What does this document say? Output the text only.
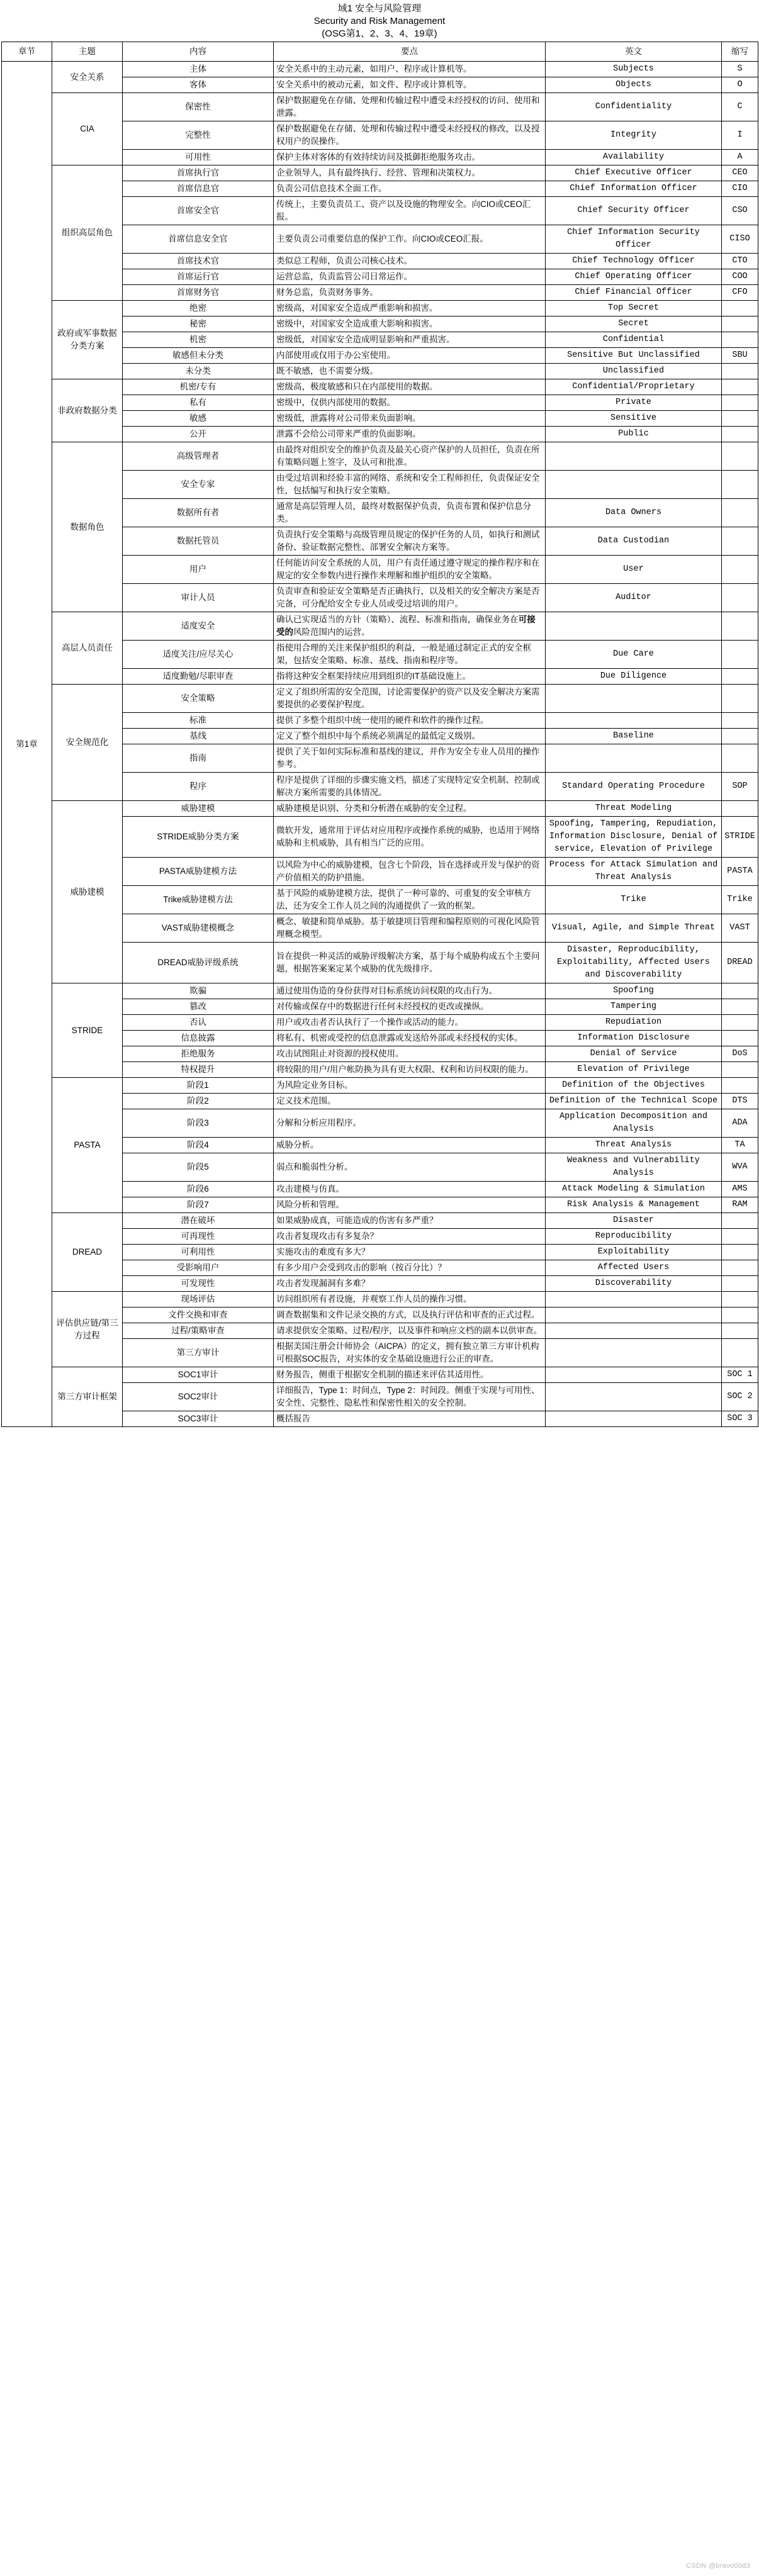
域1 安全与风险管理
Security and Risk Management
(OSG第1、2、3、4、19章)
章节	主题	内容	要点	英文	缩写
第1章	安全关系	主体	安全关系中的主动元素，如用户、程序或计算机等。	Subjects	S
		客体	安全关系中的被动元素，如文件、程序或计算机等。	Objects	O
	CIA	保密性	保护数据避免在存储、处理和传输过程中遭受未经授权的访问、使用和泄露。	Confidentiality	C
		完整性	保护数据避免在存储、处理和传输过程中遭受未经授权的修改，以及授权用户的误操作。	Integrity	I
		可用性	保护主体对客体的有效持续访问及抵御拒绝服务攻击。	Availability	A
	组织高层角色	首席执行官	企业领导人，具有最终执行、经营、管理和决策权力。	Chief Executive Officer	CEO
		首席信息官	负责公司信息技术全面工作。	Chief Information Officer	CIO
		首席安全官	传统上，主要负责员工、资产以及设施的物理安全。向CIO或CEO汇报。	Chief Security Officer	CSO
		首席信息安全官	主要负责公司重要信息的保护工作。向CIO或CEO汇报。	Chief Information Security Officer	CISO
		首席技术官	类似总工程师，负责公司核心技术。	Chief Technology Officer	CTO
		首席运行官	运营总监，负责监管公司日常运作。	Chief Operating Officer	COO
		首席财务官	财务总监，负责财务事务。	Chief Financial Officer	CFO
	政府或军事数据分类方案	绝密	密级高，对国家安全造成严重影响和损害。	Top Secret	
		秘密	密级中，对国家安全造成重大影响和损害。	Secret	
		机密	密级低，对国家安全造成明显影响和严重损害。	Confidential	
		敏感但未分类	内部使用或仅用于办公室使用。	Sensitive But Unclassified	SBU
		未分类	既不敏感，也不需要分级。	Unclassified	
	非政府数据分类	机密/专有	密级高，极度敏感和只在内部使用的数据。	Confidential/Proprietary	
		私有	密级中，仅供内部使用的数据。	Private	
		敏感	密级低，泄露将对公司带来负面影响。	Sensitive	
		公开	泄露不会给公司带来严重的负面影响。	Public	
	数据角色	高级管理者	由最终对组织安全的维护负责及最关心资产保护的人员担任，负责在所有策略问题上签字，及认可和批准。		
		安全专家	由受过培训和经验丰富的网络、系统和安全工程师担任，负责保证安全性，包括编写和执行安全策略。		
		数据所有者	通常是高层管理人员，最终对数据保护负责，负责布置和保护信息分类。	Data Owners	
		数据托管员	负责执行安全策略与高级管理员规定的保护任务的人员，如执行和测试备份、验证数据完整性、部署安全解决方案等。	Data Custodian	
		用户	任何能访问安全系统的人员，用户有责任通过遵守规定的操作程序和在规定的安全参数内进行操作来理解和维护组织的安全策略。	User	
		审计人员	负责审查和验证安全策略是否正确执行，以及相关的安全解决方案是否完备，可分配给安全专业人员或受过培训的用户。	Auditor	
	高层人员责任	适度安全	确认已实现适当的方针（策略）、流程、标准和指南，确保业务在可接受的风险范围内的运营。		
		适度关注/应尽关心	指使用合理的关注来保护组织的利益，一般是通过制定正式的安全框架，包括安全策略、标准、基线、指南和程序等。	Due Care	
		适度勤勉/尽职审查	指将这种安全框架持续应用到组织的IT基础设施上。	Due Diligence	
	安全规范化	安全策略	定义了组织所需的安全范围，讨论需要保护的资产以及安全解决方案需要提供的必要保护程度。		
		标准	提供了多整个组织中统一使用的硬件和软件的操作过程。		
		基线	定义了整个组织中每个系统必须满足的最低定义级别。	Baseline	
		指南	提供了关于如何实际标准和基线的建议，并作为安全专业人员用的操作参考。		
		程序	程序是提供了详细的步骤实施文档，描述了实现特定安全机制、控制或解决方案所需要的具体情况。	Standard Operating Procedure	SOP
	威胁建模	威胁建模	威胁建模是识别、分类和分析潜在威胁的安全过程。	Threat Modeling	
		STRIDE威胁分类方案	微软开发，通常用于评估对应用程序或操作系统的威胁，也适用于网络威胁和主机威胁，具有相当广泛的应用。	Spoofing, Tampering, Repudiation, Information Disclosure, Denial of service, Elevation of Privilege	STRIDE
		PASTA威胁建模方法	以风险为中心的威胁建模，包含七个阶段，旨在选择或开发与保护的资产价值相关的防护措施。	Process for Attack Simulation and Threat Analysis	PASTA
		Trike威胁建模方法	基于风险的威胁建模方法，提供了一种可靠的、可重复的安全审核方法，还为安全工作人员之间的沟通提供了一致的框架。	Trike	Trike
		VAST威胁建模概念	概念、敏捷和简单威胁。基于敏捷项目管理和编程原则的可视化风险管理概念模型。	Visual, Agile, and Simple Threat	VAST
		DREAD威胁评级系统	旨在提供一种灵活的威胁评级解决方案，基于每个威胁构成五个主要问题，根据答案案定某个威胁的优先级排序。	Disaster, Reproducibility, Exploitability, Affected Users and Discoverability	DREAD
	STRIDE	欺骗	通过使用伪造的身份获得对目标系统访问权限的攻击行为。	Spoofing	
		篡改	对传输或保存中的数据进行任何未经授权的更改或操纵。	Tampering	
		否认	用户或攻击者否认执行了一个操作或活动的能力。	Repudiation	
		信息披露	将私有、机密或受控的信息泄露或发送给外部或未经授权的实体。	Information Disclosure	
		拒绝服务	攻击试图阻止对资源的授权使用。	Denial of Service	DoS
		特权提升	将较限的用户/用户帐防换为具有更大权限、权利和访问权限的能力。	Elevation of Privilege	
	PASTA	阶段1	为风险定业务目标。	Definition of the Objectives	
		阶段2	定义技术范围。	Definition of the Technical Scope	DTS
		阶段3	分解和分析应用程序。	Application Decomposition and Analysis	ADA
		阶段4	威胁分析。	Threat Analysis	TA
		阶段5	弱点和脆弱性分析。	Weakness and Vulnerability Analysis	WVA
		阶段6	攻击建模与仿真。	Attack Modeling & Simulation	AMS
		阶段7	风险分析和管理。	Risk Analysis & Management	RAM
	DREAD	潜在破坏	如果威胁成真，可能造成的伤害有多严重？	Disaster	
		可再现性	攻击者复现攻击有多复杂？	Reproducibility	
		可利用性	实施攻击的难度有多大？	Exploitability	
		受影响用户	有多少用户会受到攻击的影响（按百分比）？	Affected Users	
		可发现性	攻击者发现漏洞有多难？	Discoverability	
	评估供应链/第三方过程	现场评估	访问组织所有者设施，并观察工作人员的操作习惯。		
		文件交换和审查	调查数据集和文件记录交换的方式，以及执行评估和审查的正式过程。		
		过程/策略审查	请求提供安全策略、过程/程序，以及事件和响应文档的副本以供审查。		
		第三方审计	根据美国注册会计师协会（AICPA）的定义，拥有独立第三方审计机构可根据SOC报告，对实体的安全基础设施进行公正的审查。		
	第三方审计框架	SOC1审计	财务报告，侧重于根据安全机制的描述来评估其适用性。		SOC 1
		SOC2审计	详细报告，Type 1：时间点，Type 2：时间段。侧重于实现与可用性、安全性、完整性、隐私性和保密性相关的安全控制。		SOC 2
		SOC3审计	概括报告		SOC 3
CSDN @bravo00d3
